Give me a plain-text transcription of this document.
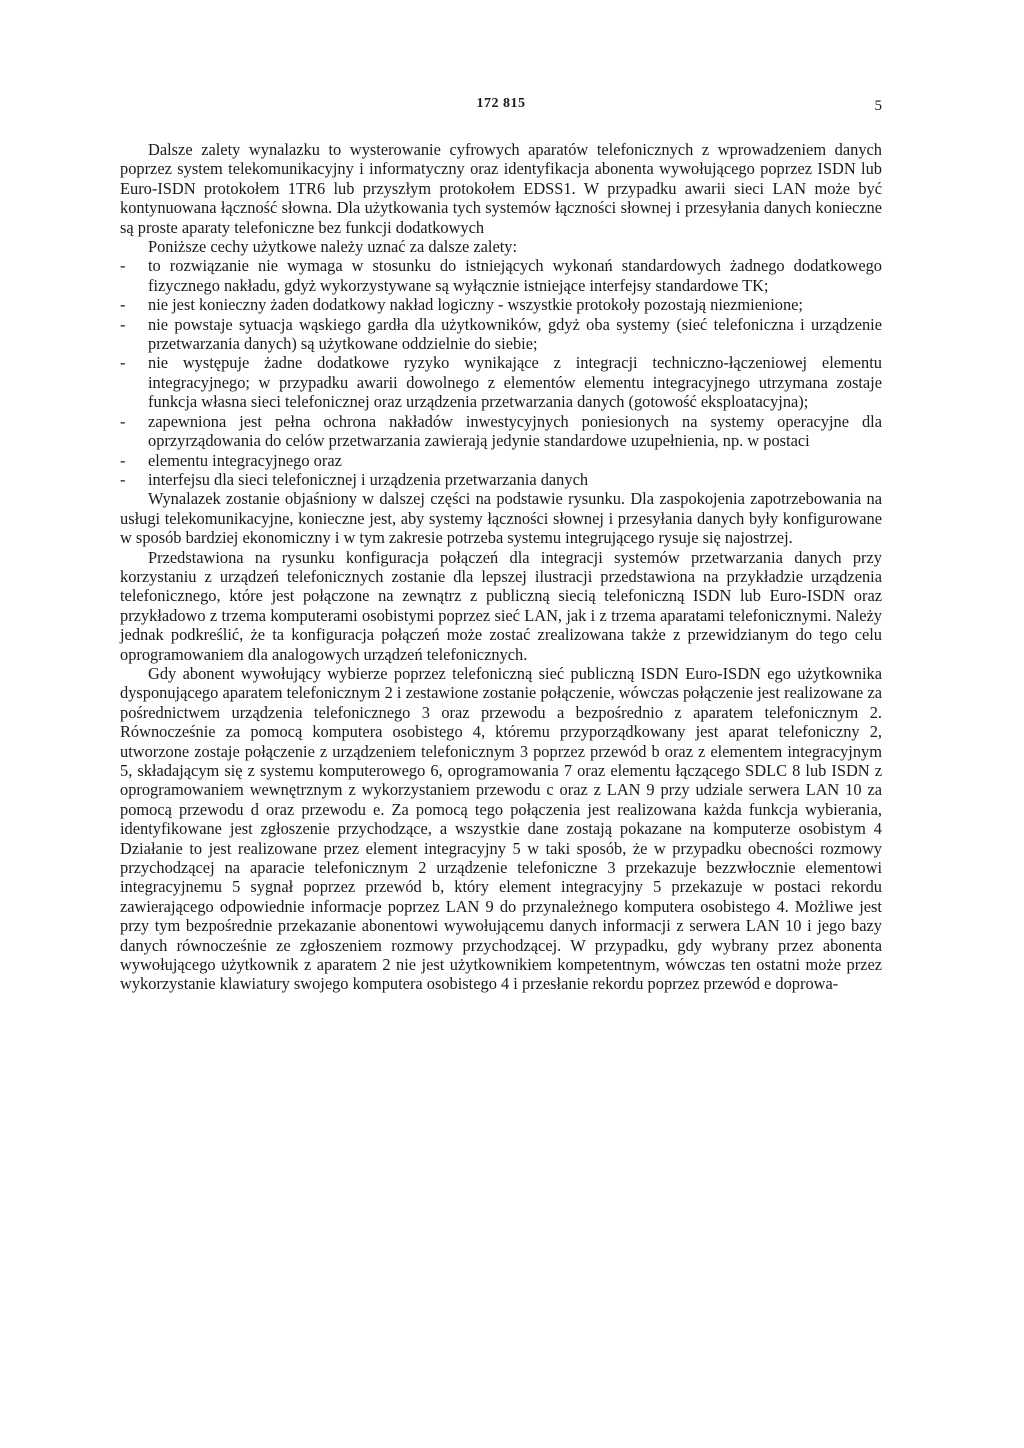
172 815	5

Dalsze zalety wynalazku to wysterowanie cyfrowych aparatów telefonicznych z wprowadzeniem danych poprzez system telekomunikacyjny i informatyczny oraz identyfikacja abonenta wywołującego poprzez ISDN lub Euro-ISDN protokołem 1TR6 lub przyszłym protokołem EDSS1. W przypadku awarii sieci LAN może być kontynuowana łączność słowna. Dla użytkowania tych systemów łączności słownej i przesyłania danych konieczne są proste aparaty telefoniczne bez funkcji dodatkowych

Poniższe cechy użytkowe należy uznać za dalsze zalety:

- to rozwiązanie nie wymaga w stosunku do istniejących wykonań standardowych żadnego dodatkowego fizycznego nakładu, gdyż wykorzystywane są wyłącznie istniejące interfejsy standardowe TK;
- nie jest konieczny żaden dodatkowy nakład logiczny - wszystkie protokoły pozostają niezmienione;
- nie powstaje sytuacja wąskiego gardła dla użytkowników, gdyż oba systemy (sieć telefoniczna i urządzenie przetwarzania danych) są użytkowane oddzielnie do siebie;
- nie występuje żadne dodatkowe ryzyko wynikające z integracji techniczno-łączeniowej elementu integracyjnego; w przypadku awarii dowolnego z elementów elementu integracyjnego utrzymana zostaje funkcja własna sieci telefonicznej oraz urządzenia przetwarzania danych (gotowość eksploatacyjna);
- zapewniona jest pełna ochrona nakładów inwestycyjnych poniesionych na systemy operacyjne dla oprzyrządowania do celów przetwarzania zawierają jedynie standardowe uzupełnienia, np. w postaci
- elementu integracyjnego oraz
- interfejsu dla sieci telefonicznej i urządzenia przetwarzania danych

Wynalazek zostanie objaśniony w dalszej części na podstawie rysunku. Dla zaspokojenia zapotrzebowania na usługi telekomunikacyjne, konieczne jest, aby systemy łączności słownej i przesyłania danych były konfigurowane w sposób bardziej ekonomiczny i w tym zakresie potrzeba systemu integrującego rysuje się najostrzej.

Przedstawiona na rysunku konfiguracja połączeń dla integracji systemów przetwarzania danych przy korzystaniu z urządzeń telefonicznych zostanie dla lepszej ilustracji przedstawiona na przykładzie urządzenia telefonicznego, które jest połączone na zewnątrz z publiczną siecią telefoniczną ISDN lub Euro-ISDN oraz przykładowo z trzema komputerami osobistymi poprzez sieć LAN, jak i z trzema aparatami telefonicznymi. Należy jednak podkreślić, że ta konfiguracja połączeń może zostać zrealizowana także z przewidzianym do tego celu oprogramowaniem dla analogowych urządzeń telefonicznych.

Gdy abonent wywołujący wybierze poprzez telefoniczną sieć publiczną ISDN Euro-ISDN ego użytkownika dysponującego aparatem telefonicznym 2 i zestawione zostanie połączenie, wówczas połączenie jest realizowane za pośrednictwem urządzenia telefonicznego 3 oraz przewodu a bezpośrednio z aparatem telefonicznym 2. Równocześnie za pomocą komputera osobistego 4, któremu przyporządkowany jest aparat telefoniczny 2, utworzone zostaje połączenie z urządzeniem telefonicznym 3 poprzez przewód b oraz z elementem integracyjnym 5, składającym się z systemu komputerowego 6, oprogramowania 7 oraz elementu łączącego SDLC 8 lub ISDN z oprogramowaniem wewnętrznym z wykorzystaniem przewodu c oraz z LAN 9 przy udziale serwera LAN 10 za pomocą przewodu d oraz przewodu e. Za pomocą tego połączenia jest realizowana każda funkcja wybierania, identyfikowane jest zgłoszenie przychodzące, a wszystkie dane zostają pokazane na komputerze osobistym 4 Działanie to jest realizowane przez element integracyjny 5 w taki sposób, że w przypadku obecności rozmowy przychodzącej na aparacie telefonicznym 2 urządzenie telefoniczne 3 przekazuje bezzwłocznie elementowi integracyjnemu 5 sygnał poprzez przewód b, który element integracyjny 5 przekazuje w postaci rekordu zawierającego odpowiednie informacje poprzez LAN 9 do przynależnego komputera osobistego 4. Możliwe jest przy tym bezpośrednie przekazanie abonentowi wywołującemu danych informacji z serwera LAN 10 i jego bazy danych równocześnie ze zgłoszeniem rozmowy przychodzącej. W przypadku, gdy wybrany przez abonenta wywołującego użytkownik z aparatem 2 nie jest użytkownikiem kompetentnym, wówczas ten ostatni może przez wykorzystanie klawiatury swojego komputera osobistego 4 i przesłanie rekordu poprzez przewód e doprowa-
